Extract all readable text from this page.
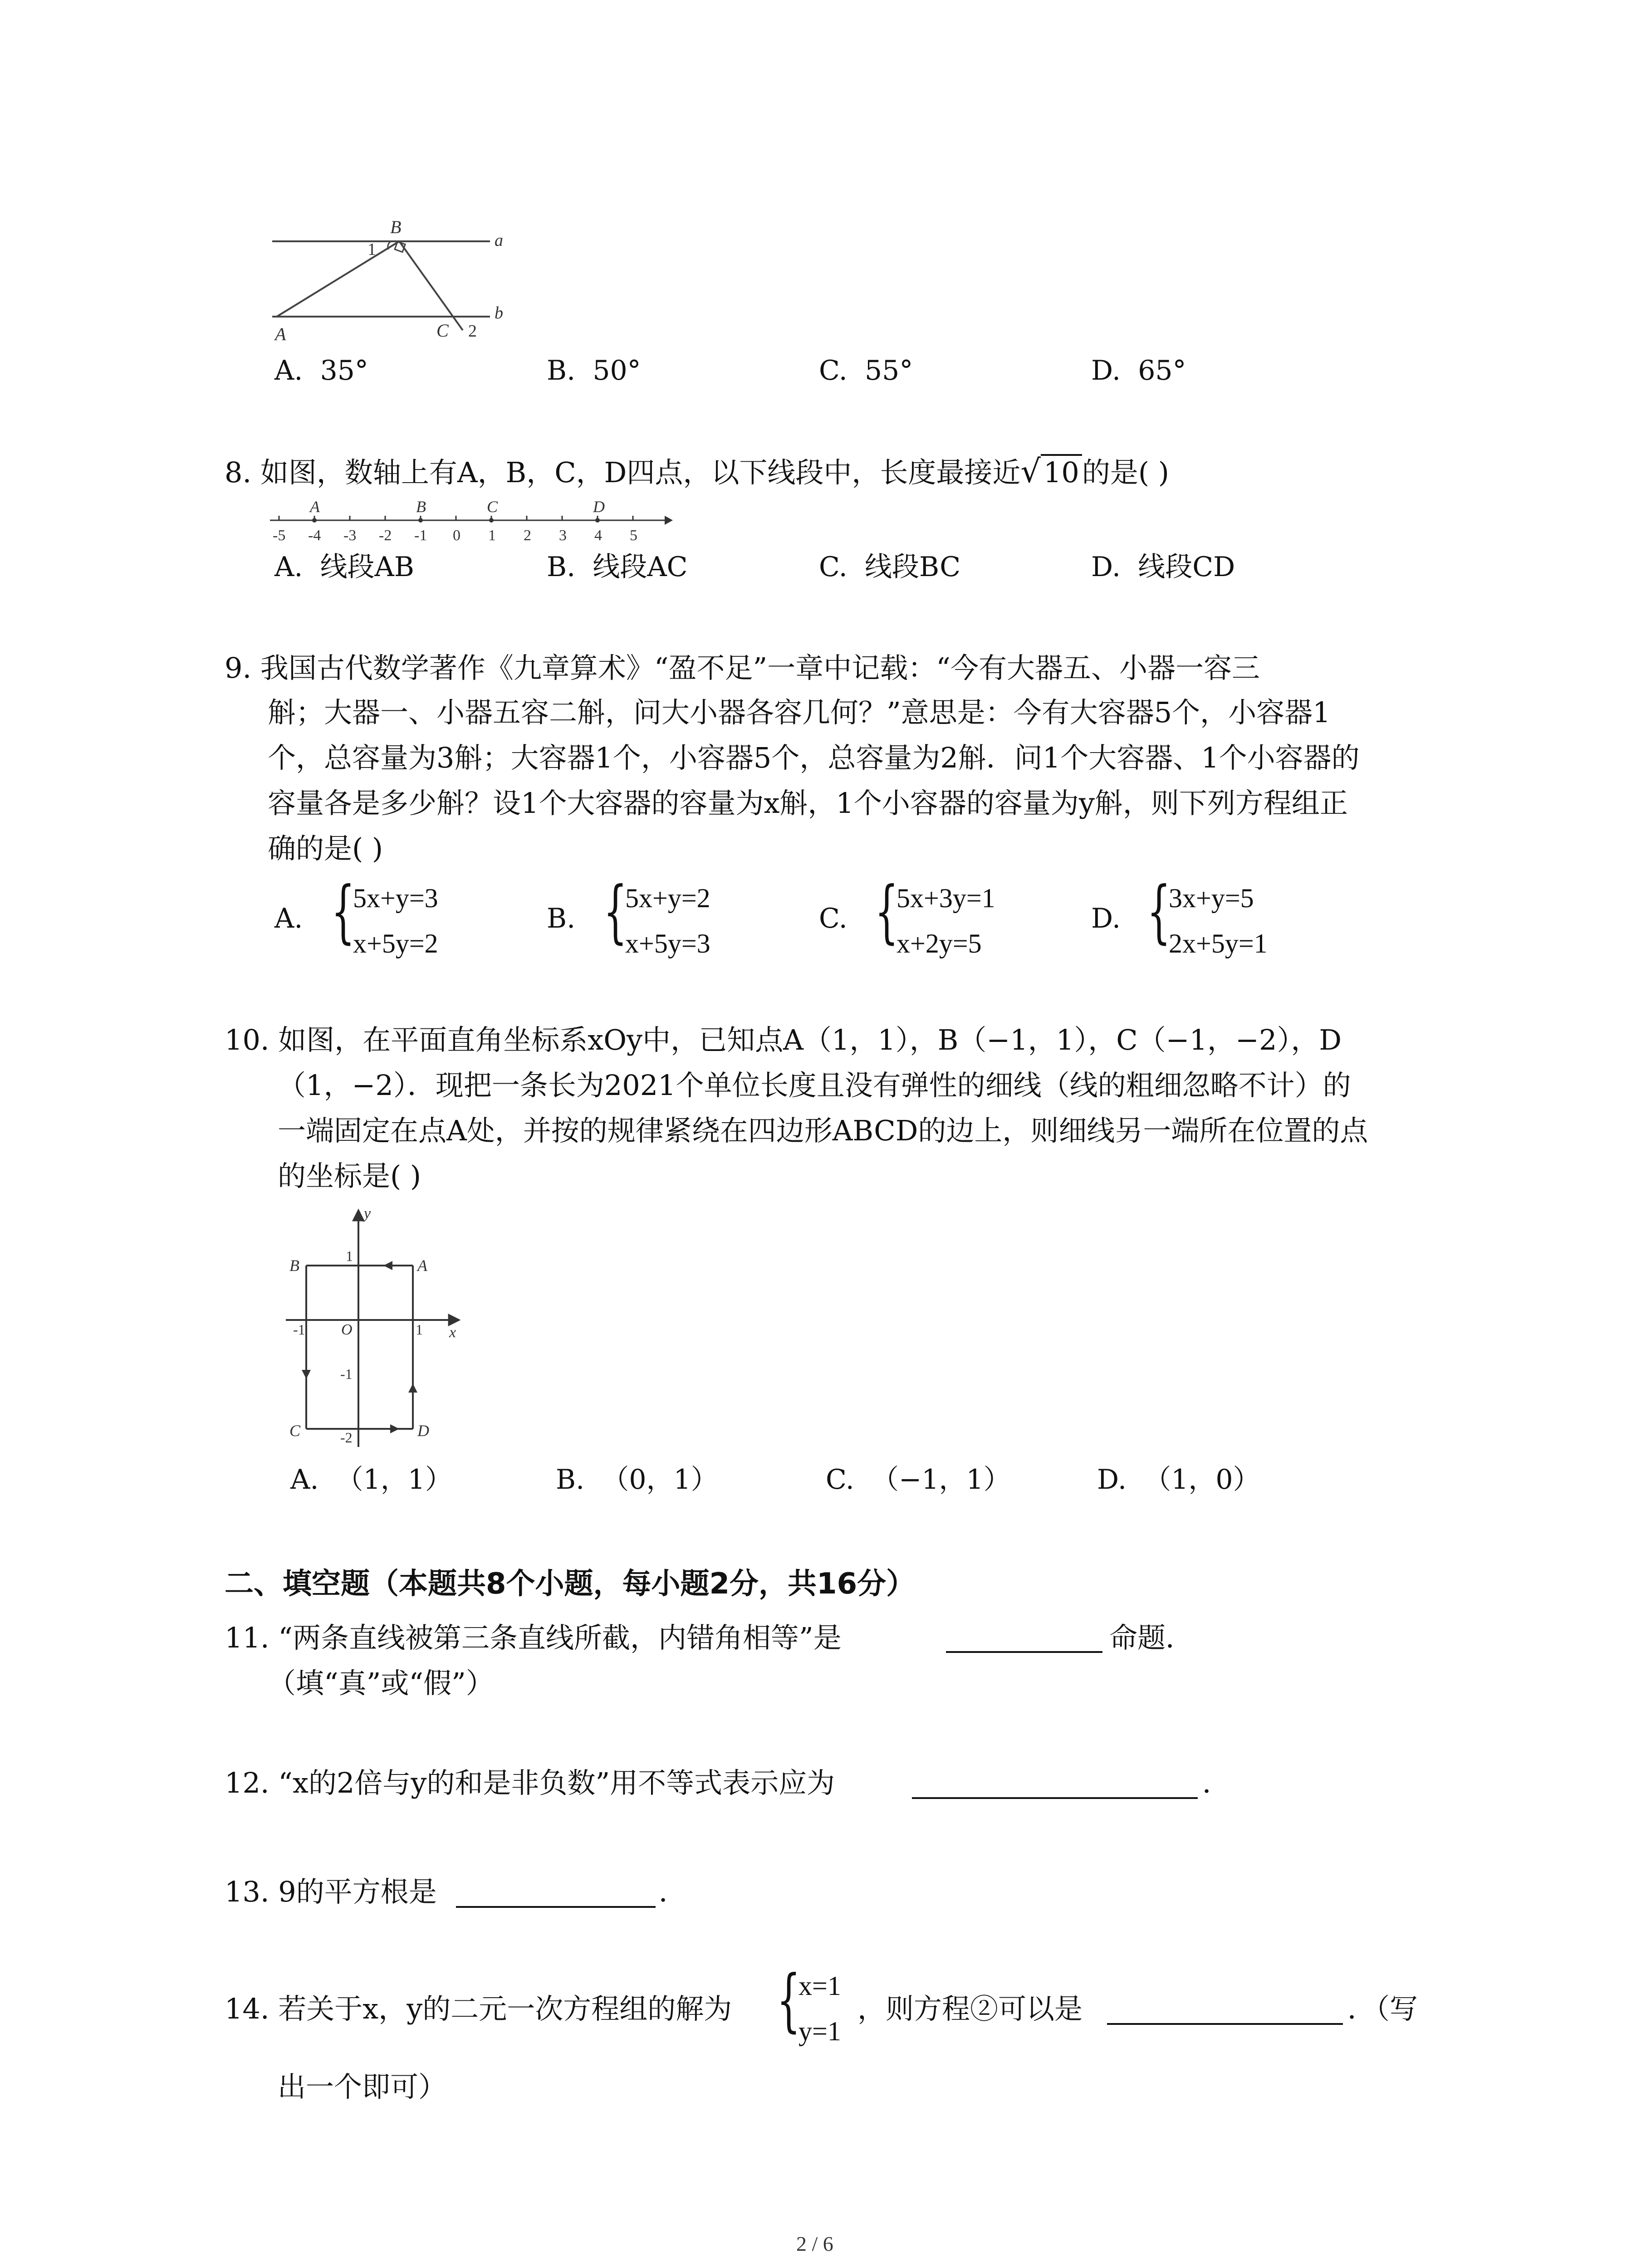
B
1	a
b
A	C 2
A. 35°	B. 50°	C. 55°	D. 65°
8. 如图，数轴上有A，B，C，D四点，以下线段中，长度最接近√10的是( )
-5 -4 -3 -2 -1 0 1 2 3 4 5
A	B	C	D
A. 线段AB	B. 线段AC	C. 线段BC	D. 线段CD
9. 我国古代数学著作《九章算术》“盈不足”一章中记载：“今有大器五、小器一容三
斛；大器一、小器五容二斛，问大小器各容几何？”意思是：今有大容器5个，小容器1
个，总容量为3斛；大容器1个，小容器5个，总容量为2斛．问1个大容器、1个小容器的
容量各是多少斛？设1个大容器的容量为x斛，1个小容器的容量为y斛，则下列方程组正
确的是( )
A. {
5x+y=3
x+5y=2
B. {
5x+y=2
x+5y=3
C. {
5x+3y=1
x+2y=5
D. {
3x+y=5
2x+5y=1
10. 如图，在平面直角坐标系xOy中，已知点A（1，1），B（−1，1），C（−1，−2），D
（1，−2）．现把一条长为2021个单位长度且没有弹性的细线（线的粗细忽略不计）的
一端固定在点A处，并按的规律紧绕在四边形ABCD的边上，则细线另一端所在位置的点
的坐标是( )
y
x
B	A
C	D
O
1
1
-1
-1
-2
A. （1，1）	B. （0，1）	C. （−1，1）	D. （1，0）
二、填空题（本题共8个小题，每小题2分，共16分）
11. “两条直线被第三条直线所截，内错角相等”是	命题．
（填“真”或“假”）
12. “x的2倍与y的和是非负数”用不等式表示应为	．
13. 9的平方根是	．
14. 若关于x，y的二元一次方程组的解为 {
x=1
y=1
，则方程②可以是	．（写
出一个即可）
2 / 6
